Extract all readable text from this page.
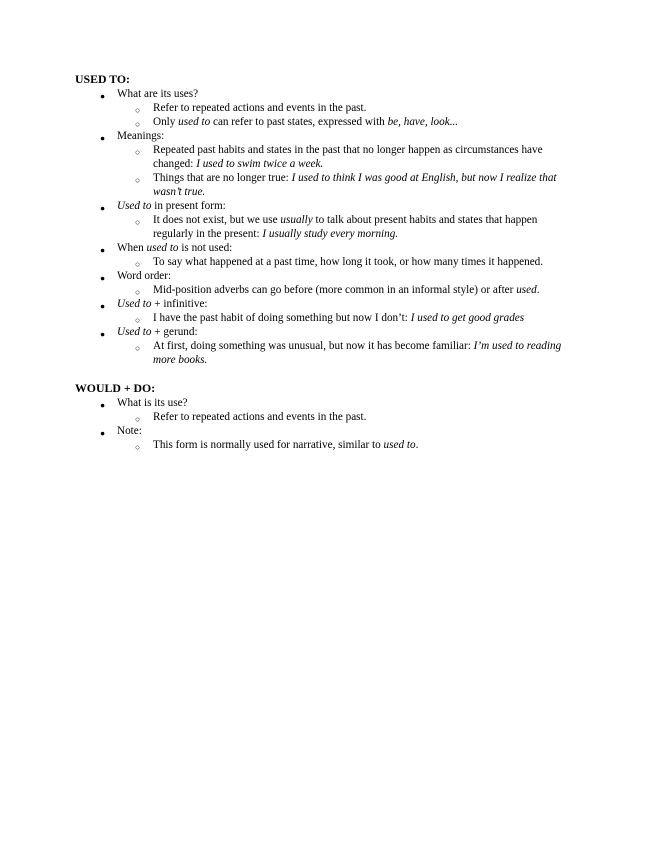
USED TO:
● What are its uses?
○ Refer to repeated actions and events in the past.
○ Only used to can refer to past states, expressed with be, have, look...
● Meanings:
○ Repeated past habits and states in the past that no longer happen as circumstances have changed: I used to swim twice a week.
○ Things that are no longer true: I used to think I was good at English, but now I realize that wasn’t true.
● Used to in present form:
○ It does not exist, but we use usually to talk about present habits and states that happen regularly in the present: I usually study every morning.
● When used to is not used:
○ To say what happened at a past time, how long it took, or how many times it happened.
● Word order:
○ Mid-position adverbs can go before (more common in an informal style) or after used.
● Used to + infinitive:
○ I have the past habit of doing something but now I don’t: I used to get good grades
● Used to + gerund:
○ At first, doing something was unusual, but now it has become familiar: I’m used to reading more books.
WOULD + DO:
● What is its use?
○ Refer to repeated actions and events in the past.
● Note:
○ This form is normally used for narrative, similar to used to.
